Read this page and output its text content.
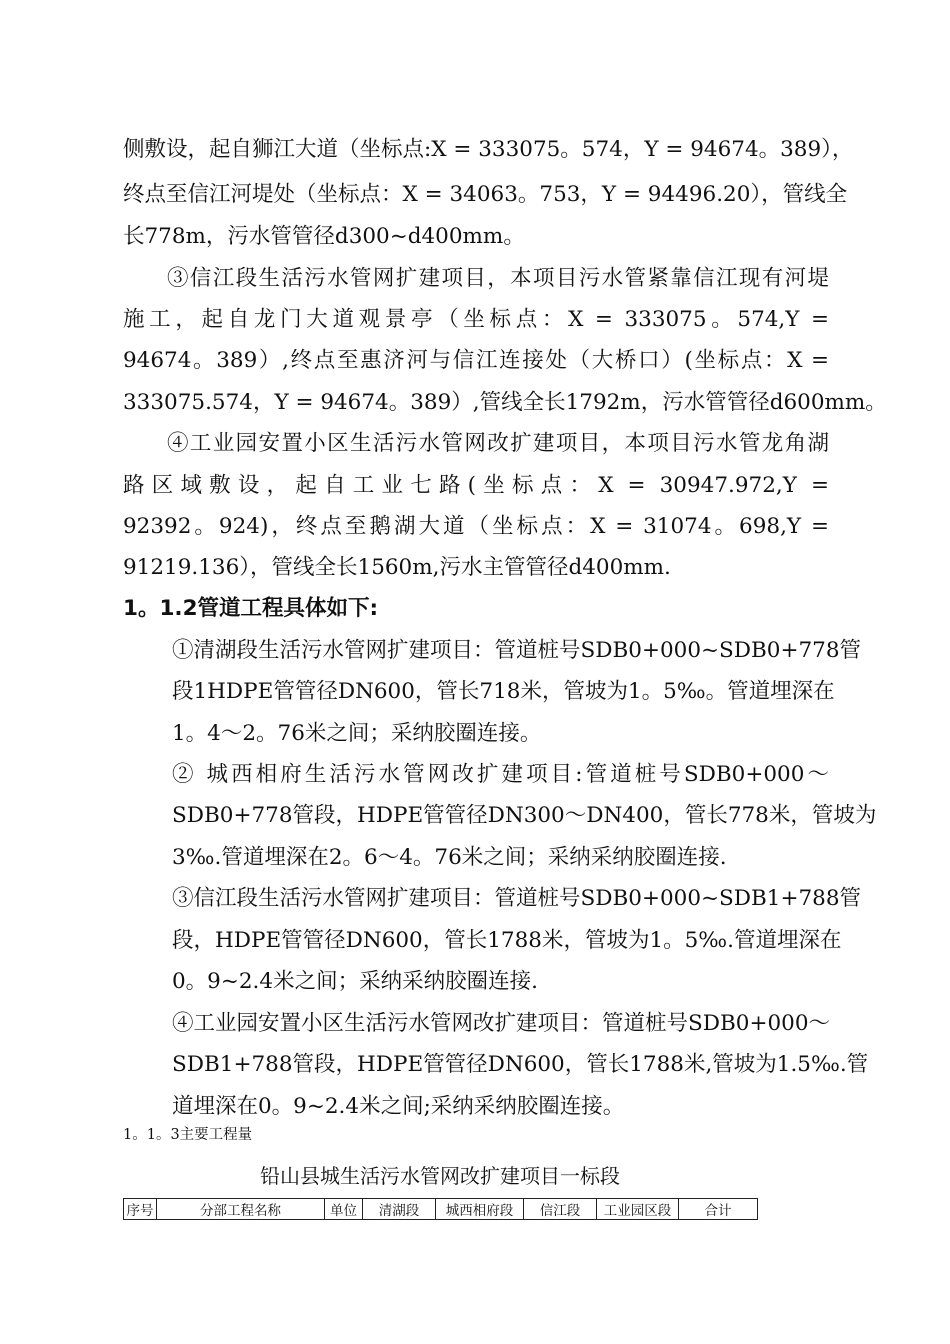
侧敷设，起自狮江大道（坐标点:X = 333075。574，Y = 94674。389），
终点至信江河堤处（坐标点：X = 34063。753，Y = 94496.20），管线全
长778m，污水管管径d300~d400mm。
③信江段生活污水管网扩建项目，本项目污水管紧靠信江现有河堤
施工，起自龙门大道观景亭（坐标点：X = 333075。574,Y =
94674。389）,终点至惠济河与信江连接处（大桥口）(坐标点：X =
333075.574，Y = 94674。389）,管线全长1792m，污水管管径d600mm。
④工业园安置小区生活污水管网改扩建项目，本项目污水管龙角湖
路区域敷设，起自工业七路(坐标点：X = 30947.972,Y =
92392。924)，终点至鹅湖大道（坐标点：X = 31074。698,Y =
91219.136），管线全长1560m,污水主管管径d400mm.
1。1.2管道工程具体如下:
①清湖段生活污水管网扩建项目：管道桩号SDB0+000~SDB0+778管
段1HDPE管管径DN600，管长718米，管坡为1。5‰。管道埋深在
1。4～2。76米之间；采纳胶圈连接。
② 城西相府生活污水管网改扩建项目:管道桩号SDB0+000～
SDB0+778管段，HDPE管管径DN300～DN400，管长778米，管坡为
3‰.管道埋深在2。6～4。76米之间；采纳采纳胶圈连接.
③信江段生活污水管网扩建项目：管道桩号SDB0+000~SDB1+788管
段，HDPE管管径DN600，管长1788米，管坡为1。5‰.管道埋深在
0。9~2.4米之间；采纳采纳胶圈连接.
④工业园安置小区生活污水管网改扩建项目：管道桩号SDB0+000～
SDB1+788管段，HDPE管管径DN600，管长1788米,管坡为1.5‰.管
道埋深在0。9~2.4米之间;采纳采纳胶圈连接。
1。1。3主要工程量
铅山县城生活污水管网改扩建项目一标段
序号	分部工程名称	单位	清湖段	城西相府段	信江段	工业园区段	合计
